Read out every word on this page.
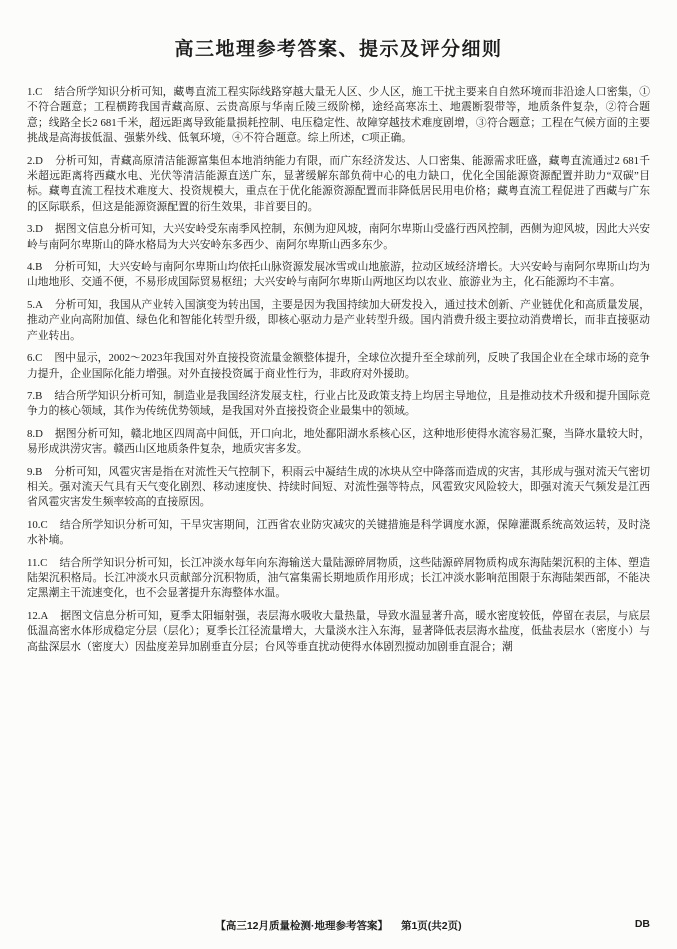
高三地理参考答案、提示及评分细则

1.C 结合所学知识分析可知，藏粤直流工程实际线路穿越大量无人区、少人区，施工干扰主要来自自然环境而非沿途人口密集，①不符合题意；工程横跨我国青藏高原、云贵高原与华南丘陵三级阶梯，途经高寒冻土、地震断裂带等，地质条件复杂，②符合题意；线路全长2 681千米，超远距离导致能量损耗控制、电压稳定性、故障穿越技术难度剧增，③符合题意；工程在气候方面的主要挑战是高海拔低温、强紫外线、低氧环境，④不符合题意。综上所述，C项正确。

2.D 分析可知，青藏高原清洁能源富集但本地消纳能力有限，而广东经济发达、人口密集、能源需求旺盛，藏粤直流通过2 681千米超远距离将西藏水电、光伏等清洁能源直送广东，显著缓解东部负荷中心的电力缺口，优化全国能源资源配置并助力“双碳”目标。藏粤直流工程技术难度大、投资规模大，重点在于优化能源资源配置而非降低居民用电价格；藏粤直流工程促进了西藏与广东的区际联系，但这是能源资源配置的衍生效果，非首要目的。

3.D 据图文信息分析可知，大兴安岭受东南季风控制，东侧为迎风坡，南阿尔卑斯山受盛行西风控制，西侧为迎风坡，因此大兴安岭与南阿尔卑斯山的降水格局为大兴安岭东多西少、南阿尔卑斯山西多东少。

4.B 分析可知，大兴安岭与南阿尔卑斯山均依托山脉资源发展冰雪或山地旅游，拉动区域经济增长。大兴安岭与南阿尔卑斯山均为山地地形、交通不便，不易形成国际贸易枢纽；大兴安岭与南阿尔卑斯山两地区均以农业、旅游业为主，化石能源均不丰富。

5.A 分析可知，我国从产业转入国演变为转出国，主要是因为我国持续加大研发投入，通过技术创新、产业链优化和高质量发展，推动产业向高附加值、绿色化和智能化转型升级，即核心驱动力是产业转型升级。国内消费升级主要拉动消费增长，而非直接驱动产业转出。

6.C 图中显示，2002～2023年我国对外直接投资流量金额整体提升，全球位次提升至全球前列，反映了我国企业在全球市场的竞争力提升，企业国际化能力增强。对外直接投资属于商业性行为，非政府对外援助。

7.B 结合所学知识分析可知，制造业是我国经济发展支柱，行业占比及政策支持上均居主导地位，且是推动技术升级和提升国际竞争力的核心领域，其作为传统优势领域，是我国对外直接投资企业最集中的领域。

8.D 据图分析可知，赣北地区四周高中间低，开口向北，地处鄱阳湖水系核心区，这种地形使得水流容易汇聚，当降水量较大时，易形成洪涝灾害。赣西山区地质条件复杂，地质灾害多发。

9.B 分析可知，风雹灾害是指在对流性天气控制下，积雨云中凝结生成的冰块从空中降落而造成的灾害，其形成与强对流天气密切相关。强对流天气具有天气变化剧烈、移动速度快、持续时间短、对流性强等特点，风雹致灾风险较大，即强对流天气频发是江西省风雹灾害发生频率较高的直接原因。

10.C 结合所学知识分析可知，干旱灾害期间，江西省农业防灾减灾的关键措施是科学调度水源，保障灌溉系统高效运转，及时浇水补墒。

11.C 结合所学知识分析可知，长江冲淡水每年向东海输送大量陆源碎屑物质，这些陆源碎屑物质构成东海陆架沉积的主体、塑造陆架沉积格局。长江冲淡水只贡献部分沉积物质，油气富集需长期地质作用形成；长江冲淡水影响范围限于东海陆架西部，不能决定黑潮主干流速变化，也不会显著提升东海整体水温。

12.A 据图文信息分析可知，夏季太阳辐射强，表层海水吸收大量热量，导致水温显著升高，暖水密度较低，停留在表层，与底层低温高密水体形成稳定分层（层化）；夏季长江径流量增大，大量淡水注入东海，显著降低表层海水盐度，低盐表层水（密度小）与高盐深层水（密度大）因盐度差异加剧垂直分层；台风等垂直扰动使得水体剧烈搅动加剧垂直混合；潮

【高三12月质量检测·地理参考答案】 第1页(共2页)	DB
